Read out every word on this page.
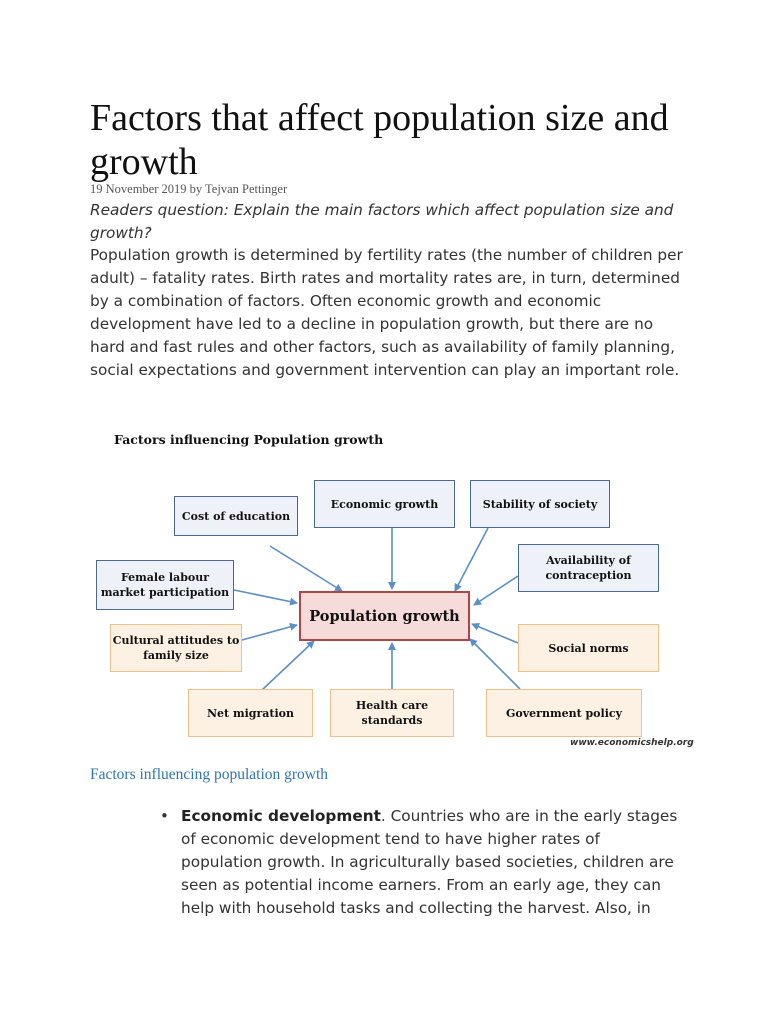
Factors that affect population size and growth
19 November 2019 by Tejvan Pettinger
Readers question: Explain the main factors which affect population size and growth?
Population growth is determined by fertility rates (the number of children per adult) – fatality rates. Birth rates and mortality rates are, in turn, determined by a combination of factors. Often economic growth and economic development have led to a decline in population growth, but there are no hard and fast rules and other factors, such as availability of family planning, social expectations and government intervention can play an important role.
Factors influencing Population growth
Cost of education
Economic growth	Stability of society
Female labour market participation
Availability of contraception
Population growth
Cultural attitudes to family size
Social norms
Net migration
Health care standards
Government policy
www.economicshelp.org
Factors influencing population growth
• Economic development. Countries who are in the early stages of economic development tend to have higher rates of population growth. In agriculturally based societies, children are seen as potential income earners. From an early age, they can help with household tasks and collecting the harvest. Also, in
